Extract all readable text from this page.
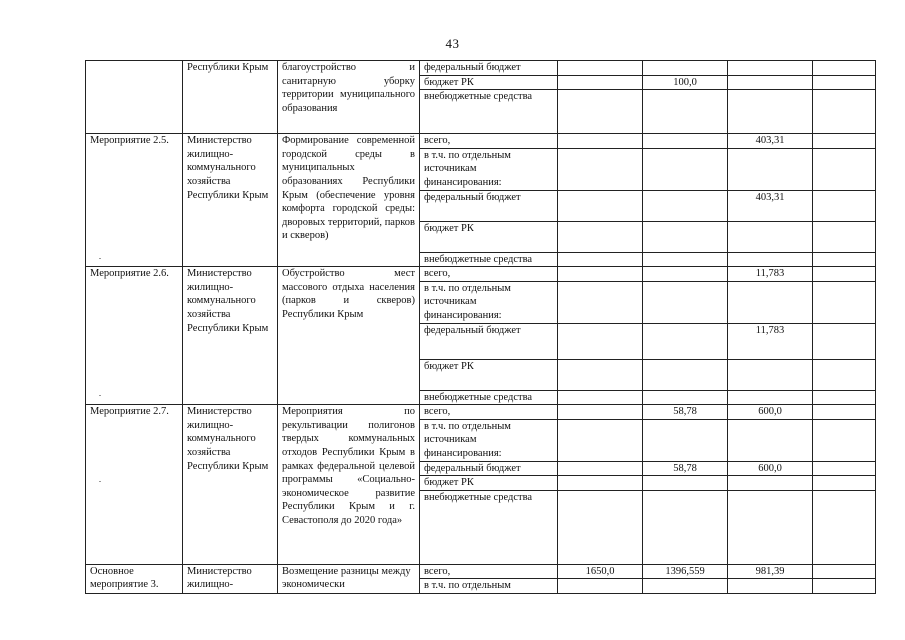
43
	Республики Крым	благоустройство и санитарную уборку территории муниципального образования	федеральный бюджет				
			бюджет РК		100,0		
			внебюджетные средства				
Мероприятие 2.5.	Министерство жилищно-коммунального хозяйства Республики Крым	Формирование современной городской среды в муниципальных образованиях Республики Крым (обеспечение уровня комфорта городской среды: дворовых территорий, парков и скверов)	всего,			403,31	
			в т.ч. по отдельным источникам финансирования:				
			федеральный бюджет			403,31	
			бюджет РК				
			внебюджетные средства				
Мероприятие 2.6.	Министерство жилищно-коммунального хозяйства Республики Крым	Обустройство мест массового отдыха населения (парков и скверов) Республики Крым	всего,			11,783	
			в т.ч. по отдельным источникам финансирования:				
			федеральный бюджет			11,783	
			бюджет РК				
			внебюджетные средства				
Мероприятие 2.7.	Министерство жилищно-коммунального хозяйства Республики Крым	Мероприятия по рекультивации полигонов твердых коммунальных отходов Республики Крым в рамках федеральной целевой программы «Социально-экономическое развитие Республики Крым и г. Севастополя до 2020 года»	всего,		58,78	600,0	
			в т.ч. по отдельным источникам финансирования:				
			федеральный бюджет		58,78	600,0	
			бюджет РК				
			внебюджетные средства				
Основное мероприятие 3.	Министерство жилищно-	Возмещение разницы между экономически	всего,	1650,0	1396,559	981,39	
			в т.ч. по отдельным				
